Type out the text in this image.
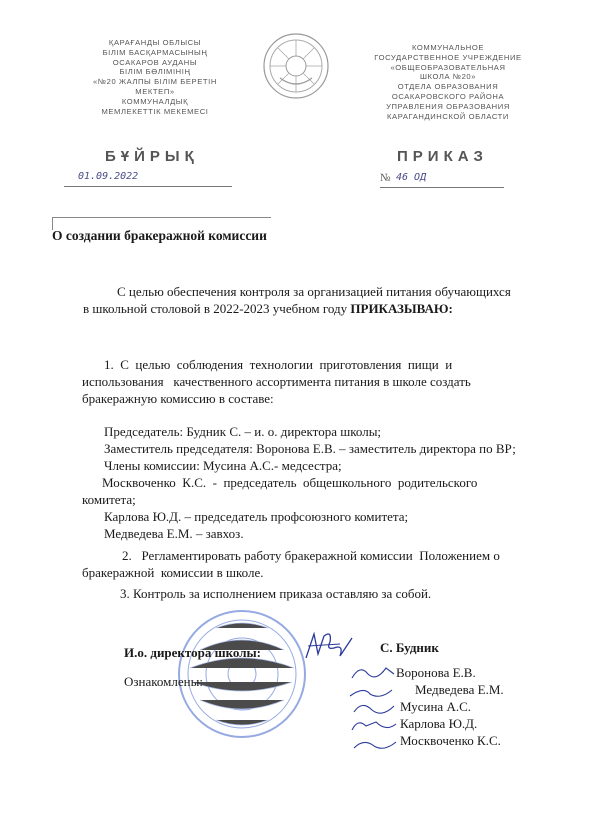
ҚАРАҒАНДЫ ОБЛЫСЫ
БІЛІМ БАСҚАРМАСЫНЫҢ
ОСАКАРОВ АУДАНЫ
БІЛІМ БӨЛІМІНІҢ
«№20 ЖАЛПЫ БІЛІМ БЕРЕТІН
МЕКТЕП»
КОММУНАЛДЫҚ
МЕМЛЕКЕТТІК МЕКЕМЕСІ
КОММУНАЛЬНОЕ
ГОСУДАРСТВЕННОЕ УЧРЕЖДЕНИЕ
«ОБЩЕОБРАЗОВАТЕЛЬНАЯ
ШКОЛА №20»
ОТДЕЛА ОБРАЗОВАНИЯ
ОСАКАРОВСКОГО РАЙОНА
УПРАВЛЕНИЯ ОБРАЗОВАНИЯ
КАРАГАНДИНСКОЙ ОБЛАСТИ
БҰЙРЫҚ	ПРИКАЗ
01.09.2022	№ 46 ОД
О создании бракеражной комиссии
С целью обеспечения контроля за организацией питания обучающихся
в школьной столовой в 2022-2023 учебном году ПРИКАЗЫВАЮ:
1.  С  целью  соблюдения  технологии  приготовления  пищи  и
использования   качественного ассортимента питания в школе создать
бракеражную комиссию в составе:
Председатель: Будник С. – и. о. директора школы;
Заместитель председателя: Воронова Е.В. – заместитель директора по ВР;
Члены комиссии: Мусина А.С.- медсестра;
Москвоченко  К.С.  -  председатель  общешкольного  родительского
комитета;
Карлова Ю.Д. – председатель профсоюзного комитета;
Медведева Е.М. – завхоз.
2.   Регламентировать работу бракеражной комиссии  Положением о
бракеражной  комиссии в школе.
3. Контроль за исполнением приказа оставляю за собой.
И.о. директора школы:	С. Будник
Ознакомлены:
Воронова Е.В.
Медведева Е.М.
Мусина А.С.
Карлова Ю.Д.
Москвоченко К.С.
